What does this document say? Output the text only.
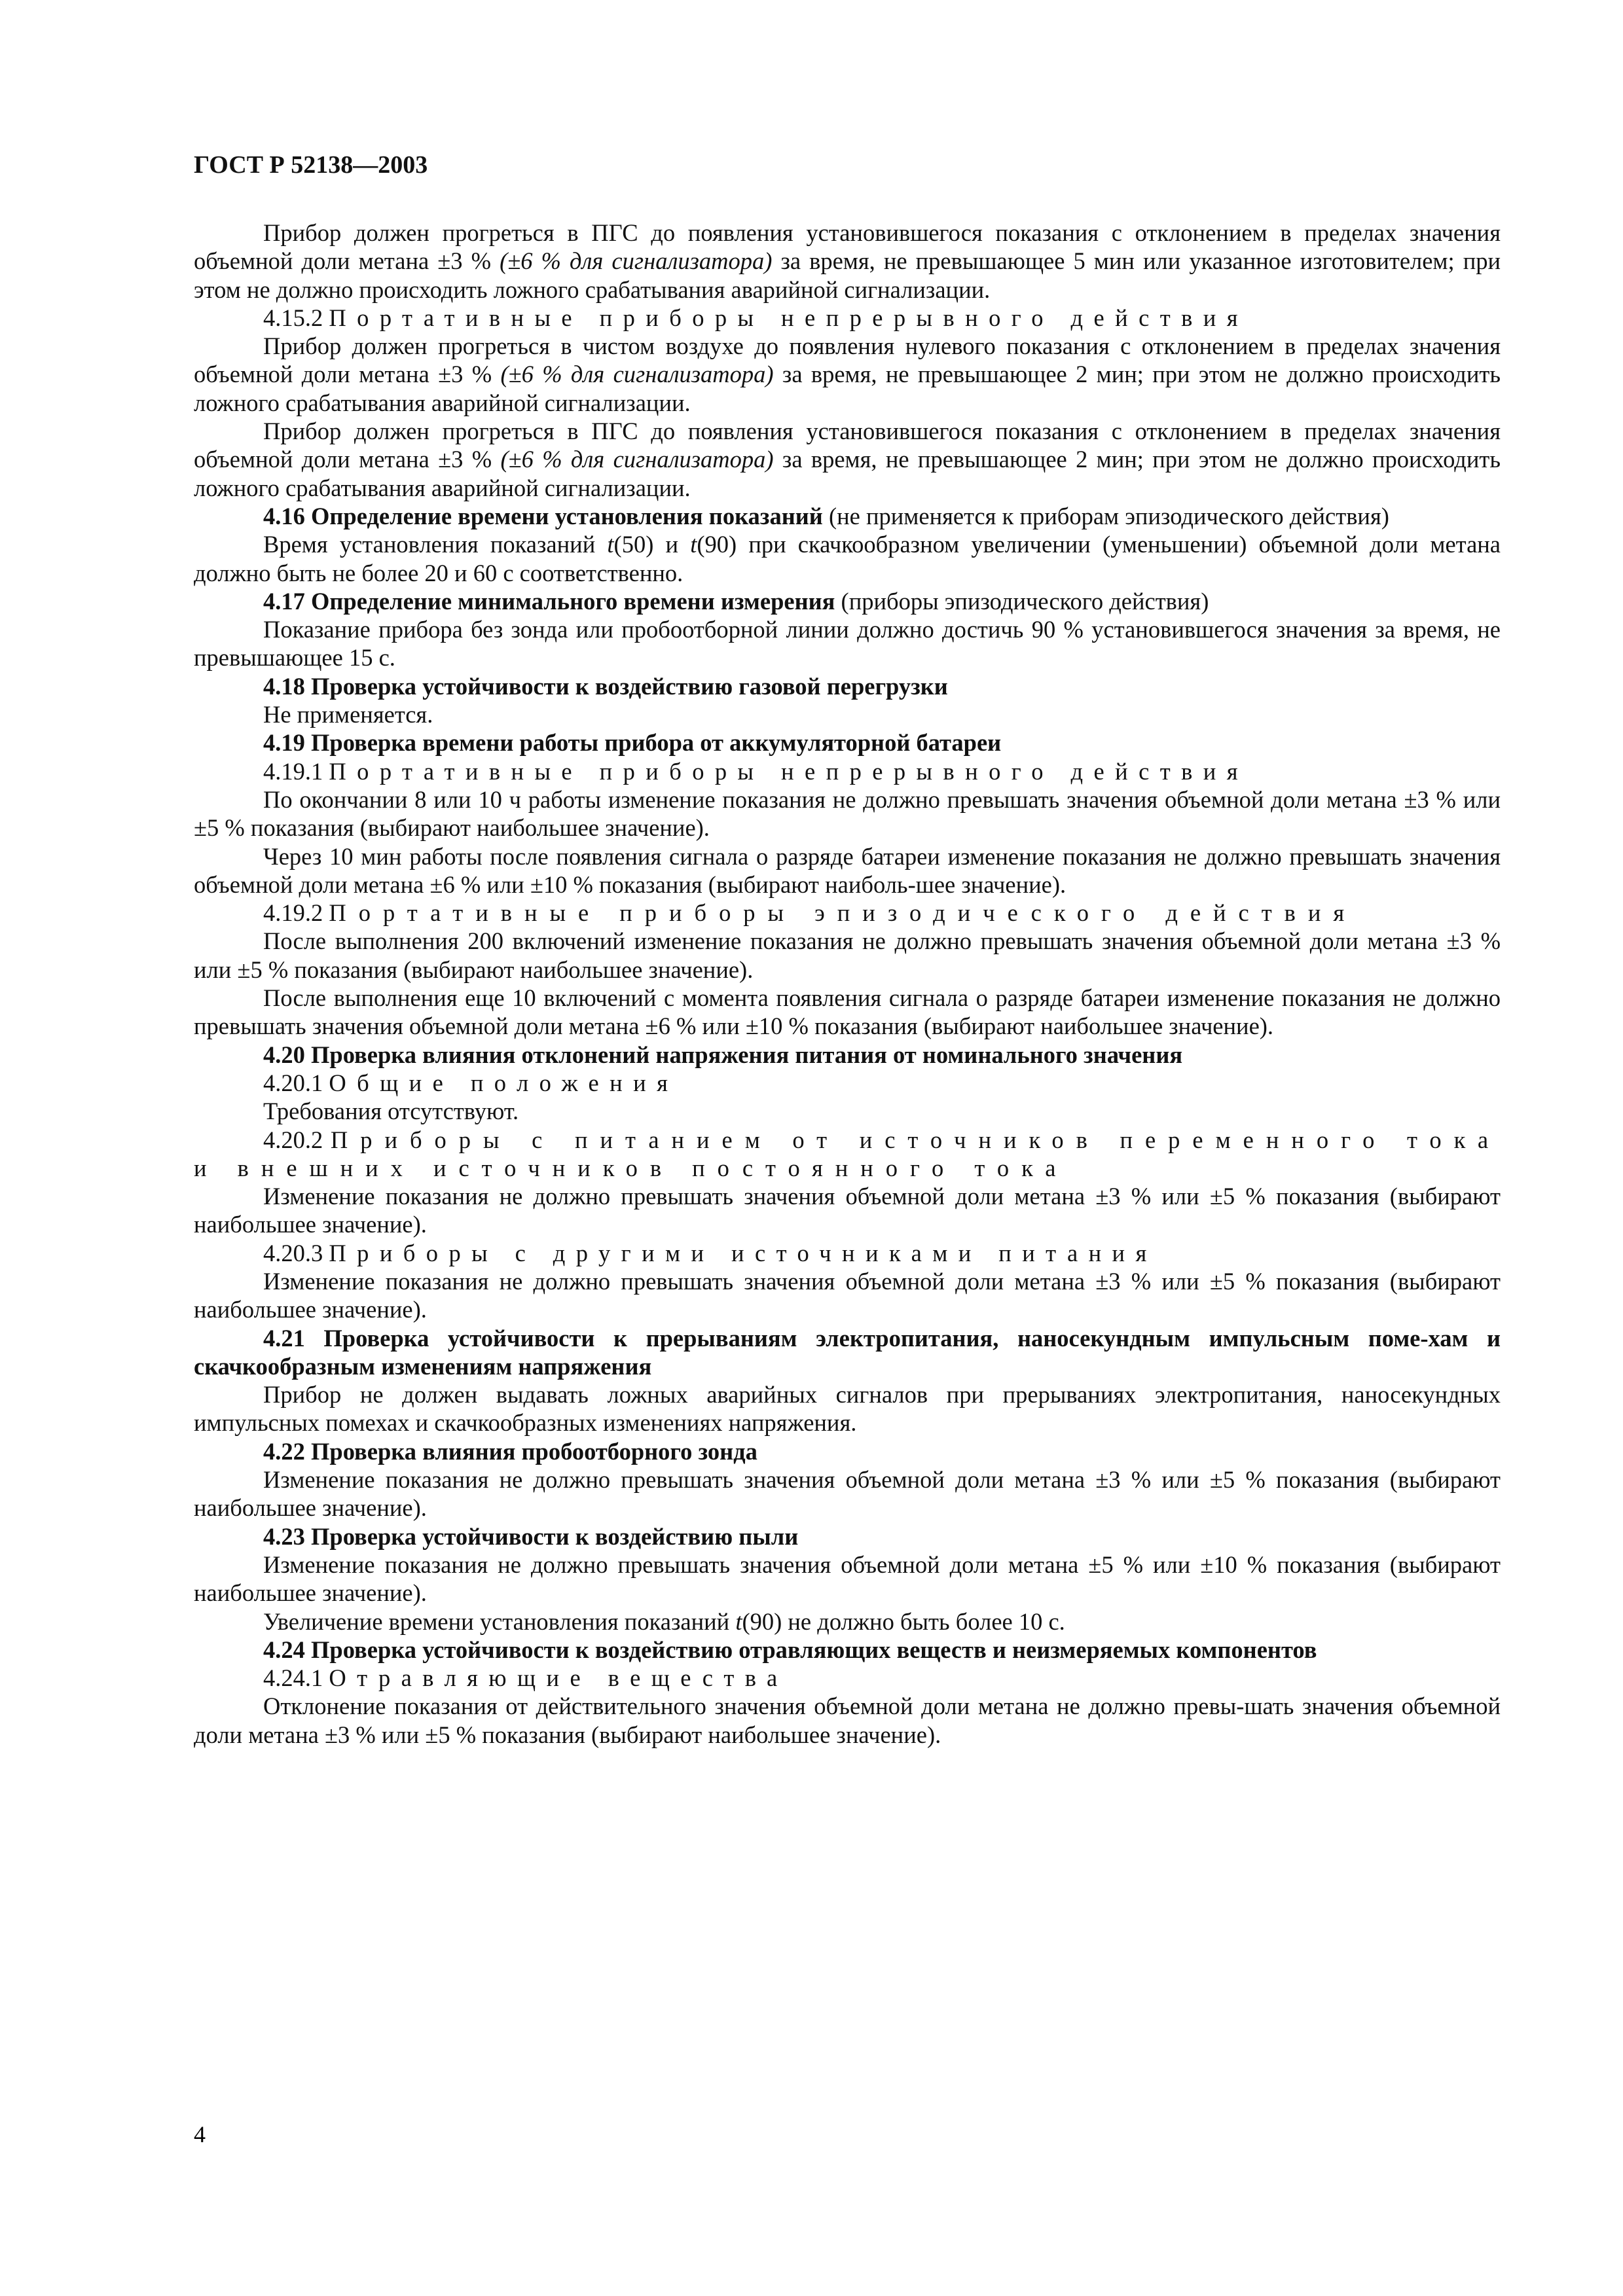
ГОСТ Р 52138—2003

Прибор должен прогреться в ПГС до появления установившегося показания с отклонением в пределах значения объемной доли метана ±3 % (±6 % для сигнализатора) за время, не превышающее 5 мин или указанное изготовителем; при этом не должно происходить ложного срабатывания аварийной сигнализации.

4.15.2 Портативные приборы непрерывного действия

Прибор должен прогреться в чистом воздухе до появления нулевого показания с отклонением в пределах значения объемной доли метана ±3 % (±6 % для сигнализатора) за время, не превышающее 2 мин; при этом не должно происходить ложного срабатывания аварийной сигнализации.

Прибор должен прогреться в ПГС до появления установившегося показания с отклонением в пределах значения объемной доли метана ±3 % (±6 % для сигнализатора) за время, не превышающее 2 мин; при этом не должно происходить ложного срабатывания аварийной сигнализации.

4.16 Определение времени установления показаний (не применяется к приборам эпизодического действия)

Время установления показаний t(50) и t(90) при скачкообразном увеличении (уменьшении) объемной доли метана должно быть не более 20 и 60 с соответственно.

4.17 Определение минимального времени измерения (приборы эпизодического действия)

Показание прибора без зонда или пробоотборной линии должно достичь 90 % установившегося значения за время, не превышающее 15 с.

4.18 Проверка устойчивости к воздействию газовой перегрузки

Не применяется.

4.19 Проверка времени работы прибора от аккумуляторной батареи

4.19.1 Портативные приборы непрерывного действия

По окончании 8 или 10 ч работы изменение показания не должно превышать значения объемной доли метана ±3 % или ±5 % показания (выбирают наибольшее значение).

Через 10 мин работы после появления сигнала о разряде батареи изменение показания не должно превышать значения объемной доли метана ±6 % или ±10 % показания (выбирают наиболь-шее значение).

4.19.2 Портативные приборы эпизодического действия

После выполнения 200 включений изменение показания не должно превышать значения объемной доли метана ±3 % или ±5 % показания (выбирают наибольшее значение).

После выполнения еще 10 включений с момента появления сигнала о разряде батареи изменение показания не должно превышать значения объемной доли метана ±6 % или ±10 % показания (выбирают наибольшее значение).

4.20 Проверка влияния отклонений напряжения питания от номинального значения

4.20.1 Общие положения

Требования отсутствуют.

4.20.2 Приборы с питанием от источников переменного тока и внешних источников постоянного тока

Изменение показания не должно превышать значения объемной доли метана ±3 % или ±5 % показания (выбирают наибольшее значение).

4.20.3 Приборы с другими источниками питания

Изменение показания не должно превышать значения объемной доли метана ±3 % или ±5 % показания (выбирают наибольшее значение).

4.21 Проверка устойчивости к прерываниям электропитания, наносекундным импульсным поме-хам и скачкообразным изменениям напряжения

Прибор не должен выдавать ложных аварийных сигналов при прерываниях электропитания, наносекундных импульсных помехах и скачкообразных изменениях напряжения.

4.22 Проверка влияния пробоотборного зонда

Изменение показания не должно превышать значения объемной доли метана ±3 % или ±5 % показания (выбирают наибольшее значение).

4.23 Проверка устойчивости к воздействию пыли

Изменение показания не должно превышать значения объемной доли метана ±5 % или ±10 % показания (выбирают наибольшее значение).

Увеличение времени установления показаний t(90) не должно быть более 10 с.

4.24 Проверка устойчивости к воздействию отравляющих веществ и неизмеряемых компонентов

4.24.1 Отравляющие вещества

Отклонение показания от действительного значения объемной доли метана не должно превы-шать значения объемной доли метана ±3 % или ±5 % показания (выбирают наибольшее значение).

4
